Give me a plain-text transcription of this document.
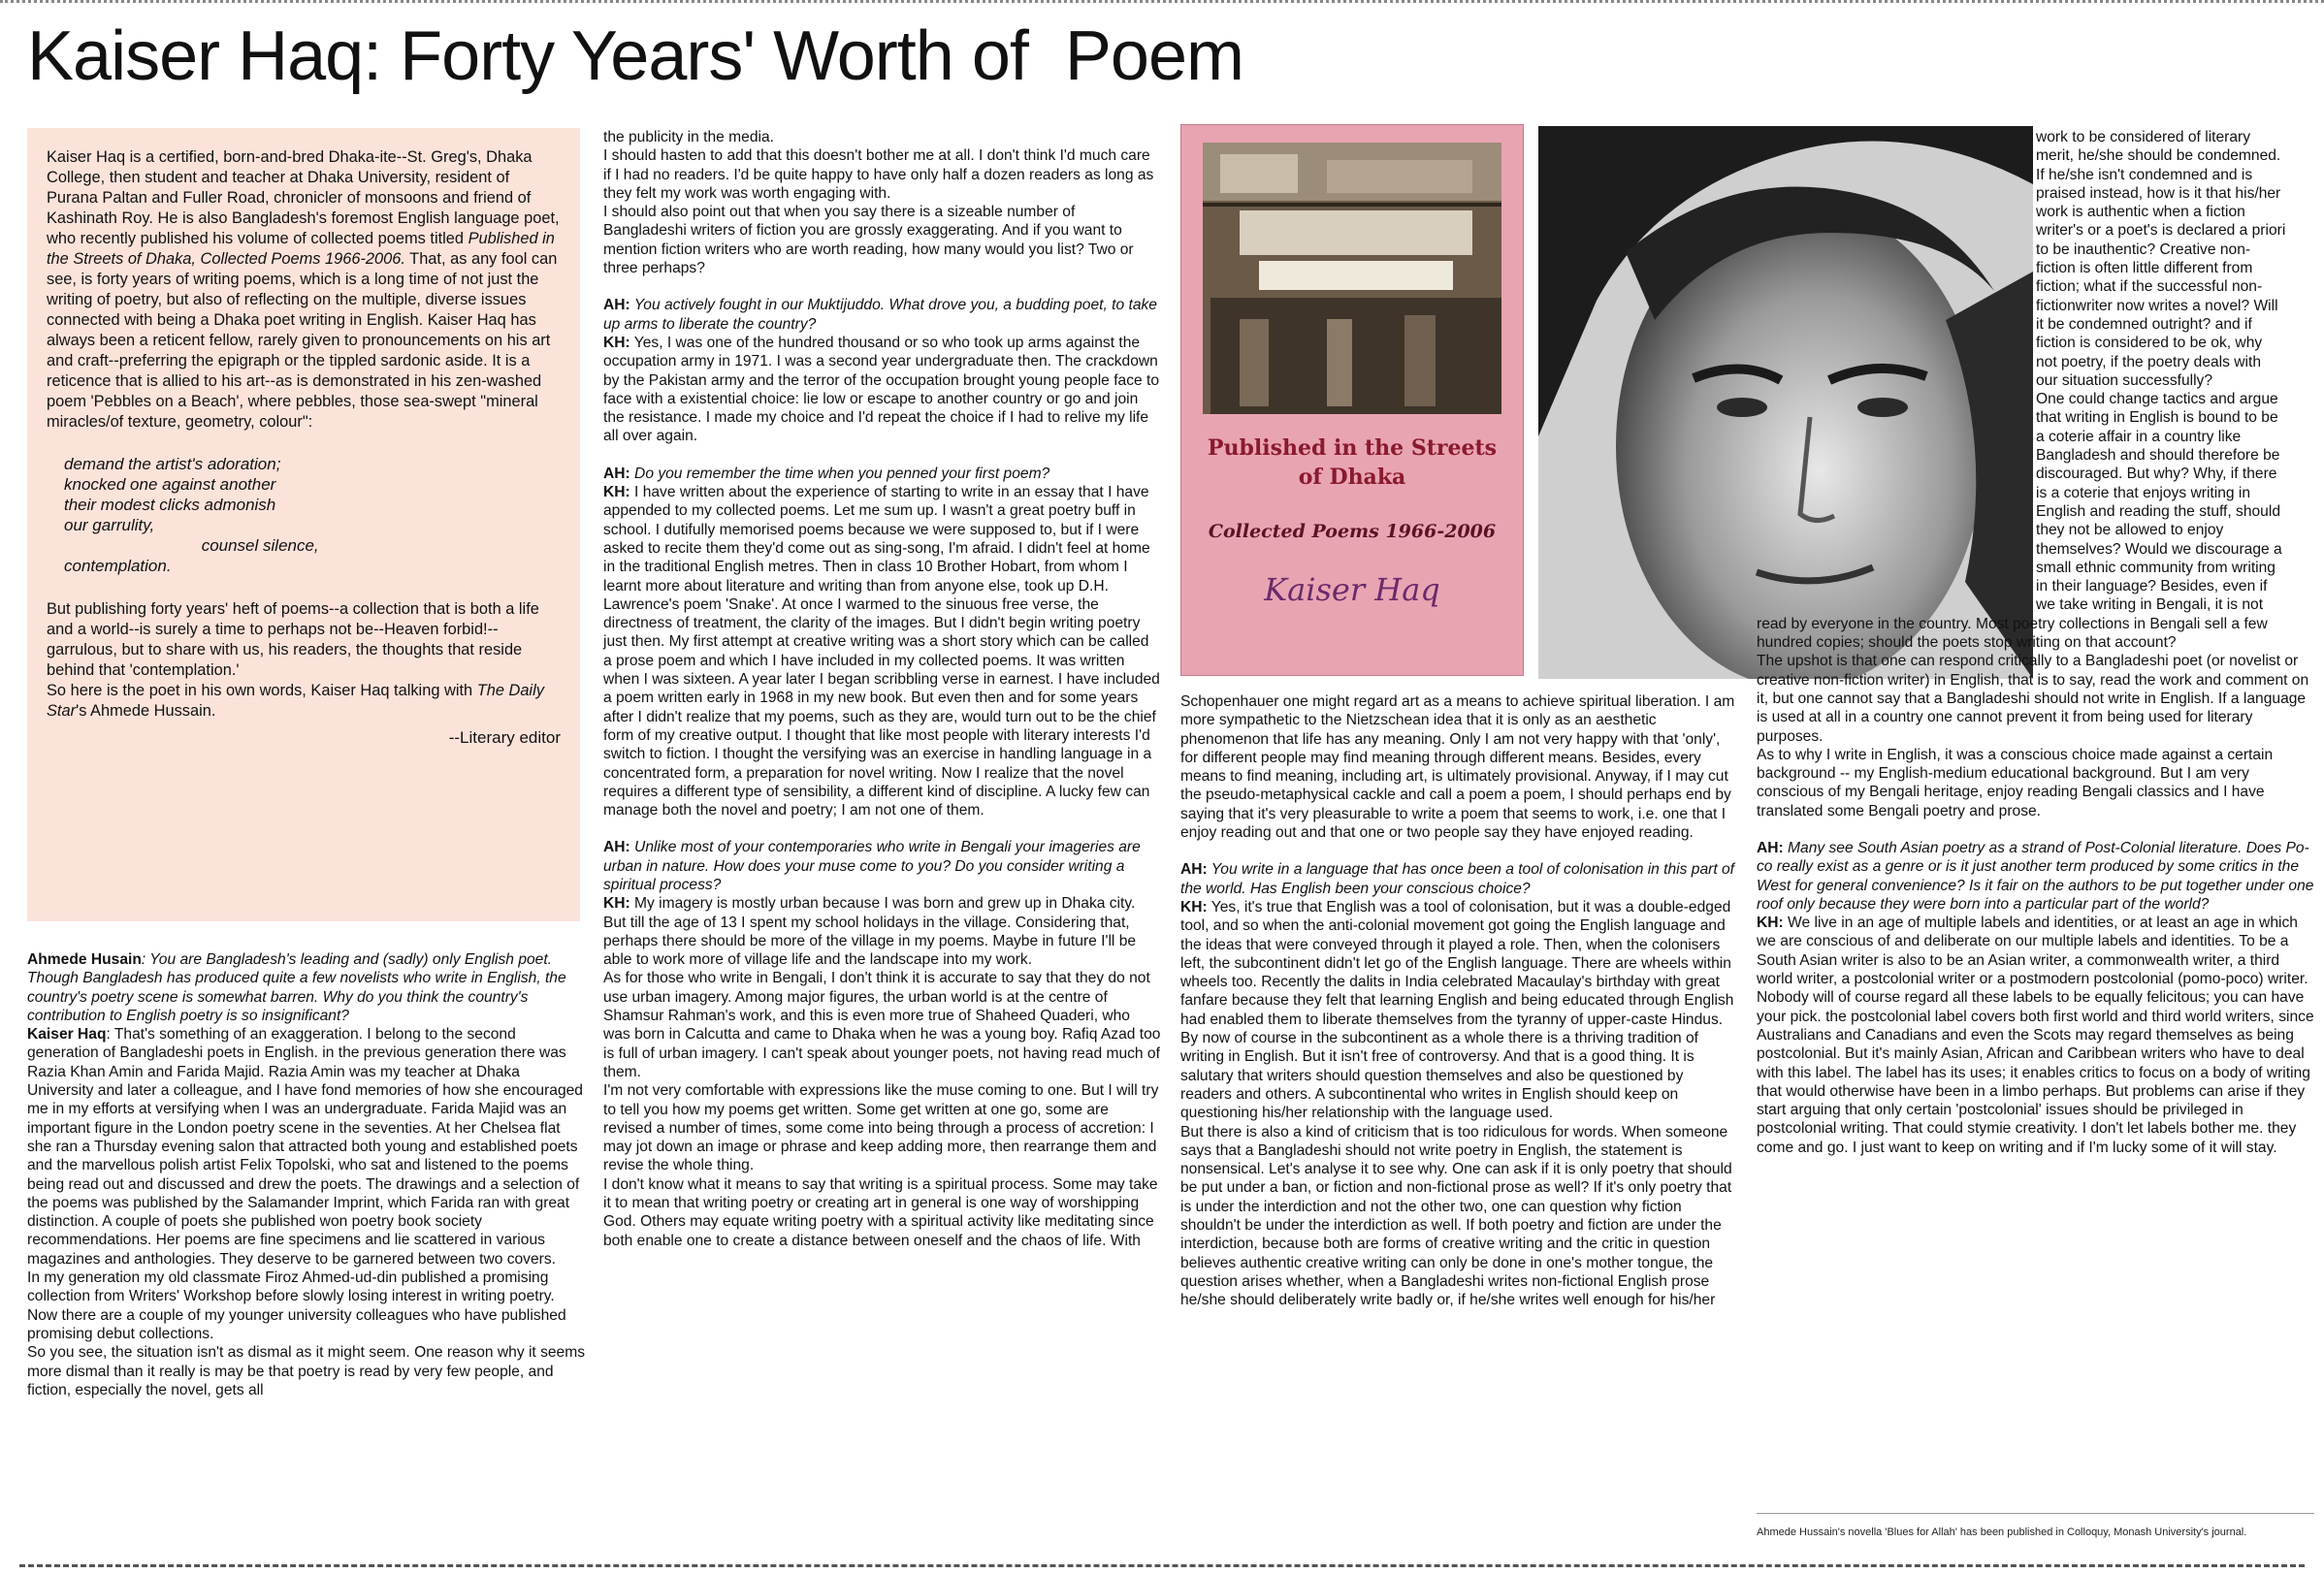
Kaiser Haq: Forty Years' Worth of  Poem

Kaiser Haq is a certified, born-and-bred Dhaka-ite--St. Greg's, Dhaka College, then student and teacher at Dhaka University, resident of Purana Paltan and Fuller Road, chronicler of monsoons and friend of Kashinath Roy. He is also Bangladesh's foremost English language poet, who recently published his volume of collected poems titled Published in the Streets of Dhaka, Collected Poems 1966-2006. That, as any fool can see, is forty years of writing poems, which is a long time of not just the writing of poetry, but also of reflecting on the multiple, diverse issues connected with being a Dhaka poet writing in English. Kaiser Haq has always been a reticent fellow, rarely given to pronouncements on his art and craft--preferring the epigraph or the tippled sardonic aside. It is a reticence that is allied to his art--as is demonstrated in his zen-washed poem 'Pebbles on a Beach', where pebbles, those sea-swept "mineral miracles/of texture, geometry, colour":

demand the artist's adoration;
knocked one against another
their modest clicks admonish
our garrulity,
counsel silence,
contemplation.

But publishing forty years' heft of poems--a collection that is both a life and a world--is surely a time to perhaps not be--Heaven forbid!-- garrulous, but to share with us, his readers, the thoughts that reside behind that 'contemplation.'

So here is the poet in his own words, Kaiser Haq talking with The Daily Star's Ahmede Hussain.

--Literary editor

Ahmede Husain: You are Bangladesh's leading and (sadly) only English poet. Though Bangladesh has produced quite a few novelists who write in English, the country's poetry scene is somewhat barren. Why do you think the country's contribution to English poetry is so insignificant?

Kaiser Haq: That's something of an exaggeration. I belong to the second generation of Bangladeshi poets in English. in the previous generation there was Razia Khan Amin and Farida Majid. Razia Amin was my teacher at Dhaka University and later a colleague, and I have fond memories of how she encouraged me in my efforts at versifying when I was an undergraduate. Farida Majid was an important figure in the London poetry scene in the seventies. At her Chelsea flat she ran a Thursday evening salon that attracted both young and established poets and the marvellous polish artist Felix Topolski, who sat and listened to the poems being read out and discussed and drew the poets. The drawings and a selection of the poems was published by the Salamander Imprint, which Farida ran with great distinction. A couple of poets she published won poetry book society recommendations. Her poems are fine specimens and lie scattered in various magazines and anthologies. They deserve to be garnered between two covers.

In my generation my old classmate Firoz Ahmed-ud-din published a promising collection from Writers' Workshop before slowly losing interest in writing poetry. Now there are a couple of my younger university colleagues who have published promising debut collections.

So you see, the situation isn't as dismal as it might seem. One reason why it seems more dismal than it really is may be that poetry is read by very few people, and fiction, especially the novel, gets all

the publicity in the media.

I should hasten to add that this doesn't bother me at all. I don't think I'd much care if I had no readers. I'd be quite happy to have only half a dozen readers as long as they felt my work was worth engaging with.

I should also point out that when you say there is a sizeable number of Bangladeshi writers of fiction you are grossly exaggerating. And if you want to mention fiction writers who are worth reading, how many would you list? Two or three perhaps?

AH: You actively fought in our Muktijuddo. What drove you, a budding poet, to take up arms to liberate the country?

KH: Yes, I was one of the hundred thousand or so who took up arms against the occupation army in 1971. I was a second year undergraduate then. The crackdown by the Pakistan army and the terror of the occupation brought young people face to face with a existential choice: lie low or escape to another country or go and join the resistance. I made my choice and I'd repeat the choice if I had to relive my life all over again.

AH: Do you remember the time when you penned your first poem?

KH: I have written about the experience of starting to write in an essay that I have appended to my collected poems. Let me sum up. I wasn't a great poetry buff in school. I dutifully memorised poems because we were supposed to, but if I were asked to recite them they'd come out as sing-song, I'm afraid. I didn't feel at home in the traditional English metres. Then in class 10 Brother Hobart, from whom I learnt more about literature and writing than from anyone else, took up D.H. Lawrence's poem 'Snake'. At once I warmed to the sinuous free verse, the directness of treatment, the clarity of the images. But I didn't begin writing poetry just then. My first attempt at creative writing was a short story which can be called a prose poem and which I have included in my collected poems. It was written when I was sixteen. A year later I began scribbling verse in earnest. I have included a poem written early in 1968 in my new book. But even then and for some years after I didn't realize that my poems, such as they are, would turn out to be the chief form of my creative output. I thought that like most people with literary interests I'd switch to fiction. I thought the versifying was an exercise in handling language in a concentrated form, a preparation for novel writing. Now I realize that the novel requires a different type of sensibility, a different kind of discipline. A lucky few can manage both the novel and poetry; I am not one of them.

AH: Unlike most of your contemporaries who write in Bengali your imageries are urban in nature. How does your muse come to you? Do you consider writing a spiritual process?

KH: My imagery is mostly urban because I was born and grew up in Dhaka city. But till the age of 13 I spent my school holidays in the village. Considering that, perhaps there should be more of the village in my poems. Maybe in future I'll be able to work more of village life and the landscape into my work.

As for those who write in Bengali, I don't think it is accurate to say that they do not use urban imagery. Among major figures, the urban world is at the centre of Shamsur Rahman's work, and this is even more true of Shaheed Quaderi, who was born in Calcutta and came to Dhaka when he was a young boy. Rafiq Azad too is full of urban imagery. I can't speak about younger poets, not having read much of them.

I'm not very comfortable with expressions like the muse coming to one. But I will try to tell you how my poems get written. Some get written at one go, some are revised a number of times, some come into being through a process of accretion: I may jot down an image or phrase and keep adding more, then rearrange them and revise the whole thing.

I don't know what it means to say that writing is a spiritual process. Some may take it to mean that writing poetry or creating art in general is one way of worshipping God. Others may equate writing poetry with a spiritual activity like meditating since both enable one to create a distance between oneself and the chaos of life. With

Published in the Streets
of Dhaka
Collected Poems 1966-2006
Kaiser Haq

Schopenhauer one might regard art as a means to achieve spiritual liberation. I am more sympathetic to the Nietzschean idea that it is only as an aesthetic phenomenon that life has any meaning. Only I am not very happy with that 'only', for different people may find meaning through different means. Besides, every means to find meaning, including art, is ultimately provisional. Anyway, if I may cut the pseudo-metaphysical cackle and call a poem a poem, I should perhaps end by saying that it's very pleasurable to write a poem that seems to work, i.e. one that I enjoy reading out and that one or two people say they have enjoyed reading.

AH: You write in a language that has once been a tool of colonisation in this part of the world. Has English been your conscious choice?

KH: Yes, it's true that English was a tool of colonisation, but it was a double-edged tool, and so when the anti-colonial movement got going the English language and the ideas that were conveyed through it played a role. Then, when the colonisers left, the subcontinent didn't let go of the English language. There are wheels within wheels too. Recently the dalits in India celebrated Macaulay's birthday with great fanfare because they felt that learning English and being educated through English had enabled them to liberate themselves from the tyranny of upper-caste Hindus.

By now of course in the subcontinent as a whole there is a thriving tradition of writing in English. But it isn't free of controversy. And that is a good thing. It is salutary that writers should question themselves and also be questioned by readers and others. A subcontinental who writes in English should keep on questioning his/her relationship with the language used.

But there is also a kind of criticism that is too ridiculous for words. When someone says that a Bangladeshi should not write poetry in English, the statement is nonsensical. Let's analyse it to see why. One can ask if it is only poetry that should be put under a ban, or fiction and non-fictional prose as well? If it's only poetry that is under the interdiction and not the other two, one can question why fiction shouldn't be under the interdiction as well. If both poetry and fiction are under the interdiction, because both are forms of creative writing and the critic in question believes authentic creative writing can only be done in one's mother tongue, the question arises whether, when a Bangladeshi writes non-fictional English prose he/she should deliberately write badly or, if he/she writes well enough for his/her

work to be considered of literary merit, he/she should be condemned. If he/she isn't condemned and is praised instead, how is it that his/her work is authentic when a fiction writer's or a poet's is declared a priori to be inauthentic? Creative non-fiction is often little different from fiction; what if the successful non-fictionwriter now writes a novel? Will it be condemned outright? and if fiction is considered to be ok, why not poetry, if the poetry deals with our situation successfully?

One could change tactics and argue that writing in English is bound to be a coterie affair in a country like Bangladesh and should therefore be discouraged. But why? Why, if there is a coterie that enjoys writing in English and reading the stuff, should they not be allowed to enjoy themselves? Would we discourage a small ethnic community from writing in their language? Besides, even if we take writing in Bengali, it is not

read by everyone in the country. Most poetry collections in Bengali sell a few hundred copies; should the poets stop writing on that account?

The upshot is that one can respond critically to a Bangladeshi poet (or novelist or creative non-fiction writer) in English, that is to say, read the work and comment on it, but one cannot say that a Bangladeshi should not write in English. If a language is used at all in a country one cannot prevent it from being used for literary purposes.

As to why I write in English, it was a conscious choice made against a certain background -- my English-medium educational background. But I am very conscious of my Bengali heritage, enjoy reading Bengali classics and I have translated some Bengali poetry and prose.

AH: Many see South Asian poetry as a strand of Post-Colonial literature. Does Po-co really exist as a genre or is it just another term produced by some critics in the West for general convenience? Is it fair on the authors to be put together under one roof only because they were born into a particular part of the world?

KH: We live in an age of multiple labels and identities, or at least an age in which we are conscious of and deliberate on our multiple labels and identities. To be a South Asian writer is also to be an Asian writer, a commonwealth writer, a third world writer, a postcolonial writer or a postmodern postcolonial (pomo-poco) writer. Nobody will of course regard all these labels to be equally felicitous; you can have your pick. the postcolonial label covers both first world and third world writers, since Australians and Canadians and even the Scots may regard themselves as being postcolonial. But it's mainly Asian, African and Caribbean writers who have to deal with this label. The label has its uses; it enables critics to focus on a body of writing that would otherwise have been in a limbo perhaps. But problems can arise if they start arguing that only certain 'postcolonial' issues should be privileged in postcolonial writing. That could stymie creativity. I don't let labels bother me. they come and go. I just want to keep on writing and if I'm lucky some of it will stay.

Ahmede Hussain's novella 'Blues for Allah' has been published in Colloquy, Monash University's journal.
